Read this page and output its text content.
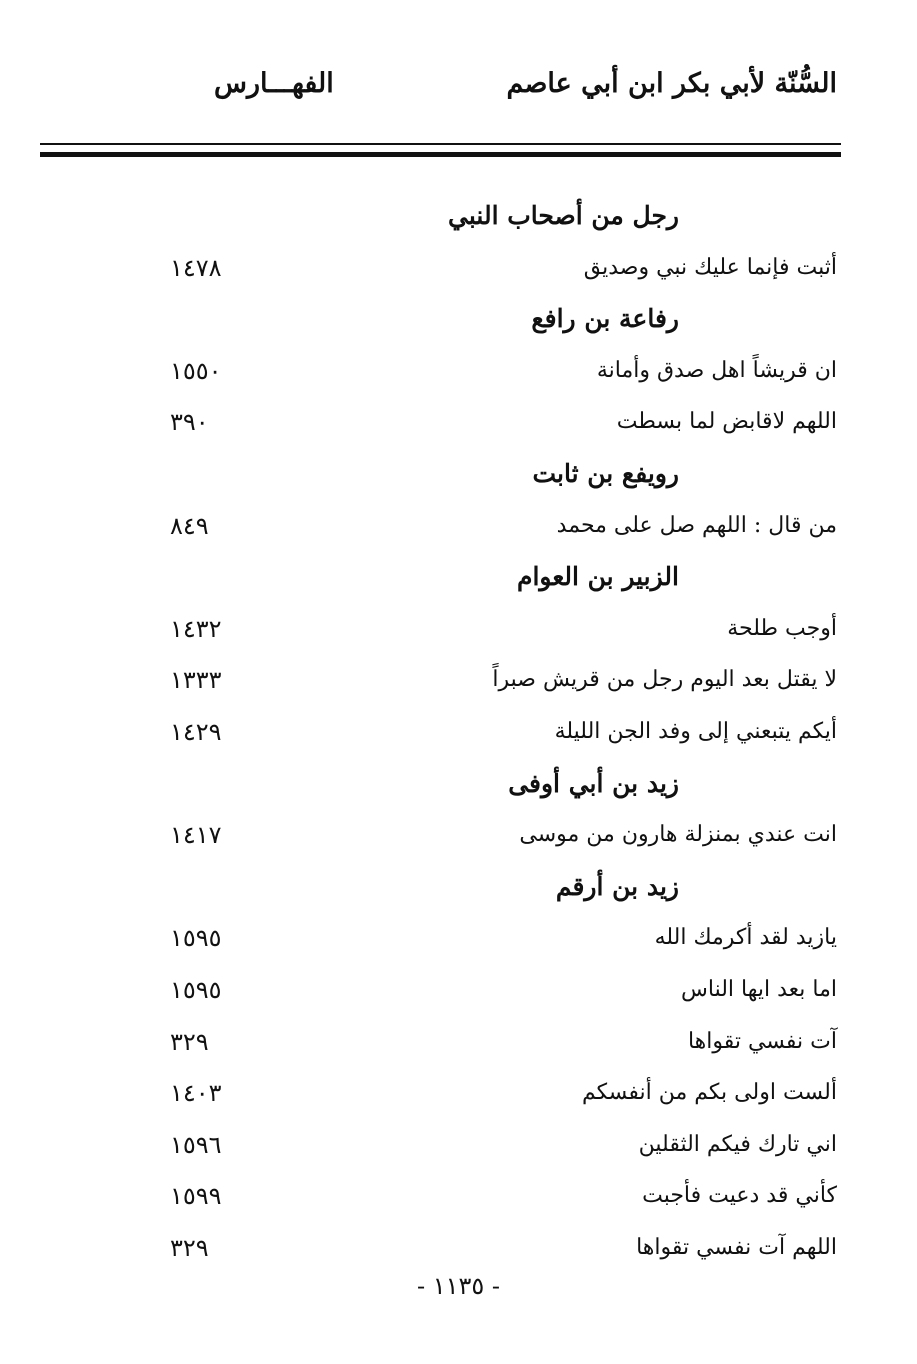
السُّنّة لأبي بكر ابن أبي عاصم
الفهـــارس
رجل من أصحاب النبي
أثبت فإنما عليك نبي وصديق
١٤٧٨
رفاعة بن رافع
ان قريشاً اهل صدق وأمانة
١٥٥٠
اللهم لاقابض لما بسطت
٣٩٠
رويفع بن ثابت
من قال : اللهم صل على محمد
٨٤٩
الزبير بن العوام
أوجب طلحة
١٤٣٢
لا يقتل بعد اليوم رجل من قريش صبراً
١٣٣٣
أيكم يتبعني إلى وفد الجن الليلة
١٤٢٩
زيد بن أبي أوفى
انت عندي بمنزلة هارون من موسى
١٤١٧
زيد بن أرقم
يازيد لقد أكرمك الله
١٥٩٥
اما بعد ايها الناس
١٥٩٥
آت نفسي تقواها
٣٢٩
ألست اولى بكم من أنفسكم
١٤٠٣
اني تارك فيكم الثقلين
١٥٩٦
كأني قد دعيت فأجبت
١٥٩٩
اللهم آت نفسي تقواها
٣٢٩
- ١١٣٥ -
